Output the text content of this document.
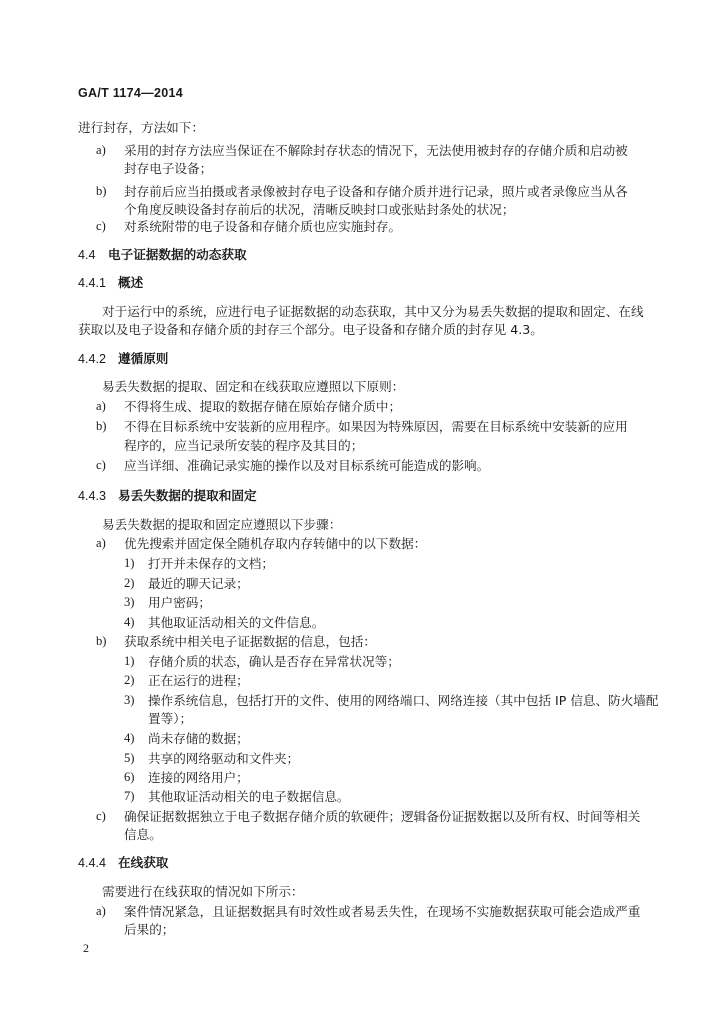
GA/T 1174—2014
进行封存，方法如下：
a) 采用的封存方法应当保证在不解除封存状态的情况下，无法使用被封存的存储介质和启动被
封存电子设备；
b) 封存前后应当拍摄或者录像被封存电子设备和存储介质并进行记录，照片或者录像应当从各
个角度反映设备封存前后的状况，清晰反映封口或张贴封条处的状况；
c) 对系统附带的电子设备和存储介质也应实施封存。
4.4 电子证据数据的动态获取
4.4.1 概述
对于运行中的系统，应进行电子证据数据的动态获取，其中又分为易丢失数据的提取和固定、在线
获取以及电子设备和存储介质的封存三个部分。电子设备和存储介质的封存见 4.3。
4.4.2 遵循原则
易丢失数据的提取、固定和在线获取应遵照以下原则：
a) 不得将生成、提取的数据存储在原始存储介质中；
b) 不得在目标系统中安装新的应用程序。如果因为特殊原因，需要在目标系统中安装新的应用
程序的，应当记录所安装的程序及其目的；
c) 应当详细、准确记录实施的操作以及对目标系统可能造成的影响。
4.4.3 易丢失数据的提取和固定
易丢失数据的提取和固定应遵照以下步骤：
a) 优先搜索并固定保全随机存取内存转储中的以下数据：
1) 打开并未保存的文档；
2) 最近的聊天记录；
3) 用户密码；
4) 其他取证活动相关的文件信息。
b) 获取系统中相关电子证据数据的信息，包括：
1) 存储介质的状态，确认是否存在异常状况等；
2) 正在运行的进程；
3) 操作系统信息，包括打开的文件、使用的网络端口、网络连接（其中包括 IP 信息、防火墙配
置等）；
4) 尚未存储的数据；
5) 共享的网络驱动和文件夹；
6) 连接的网络用户；
7) 其他取证活动相关的电子数据信息。
c) 确保证据数据独立于电子数据存储介质的软硬件；逻辑备份证据数据以及所有权、时间等相关
信息。
4.4.4 在线获取
需要进行在线获取的情况如下所示：
a) 案件情况紧急，且证据数据具有时效性或者易丢失性，在现场不实施数据获取可能会造成严重
后果的；
2
